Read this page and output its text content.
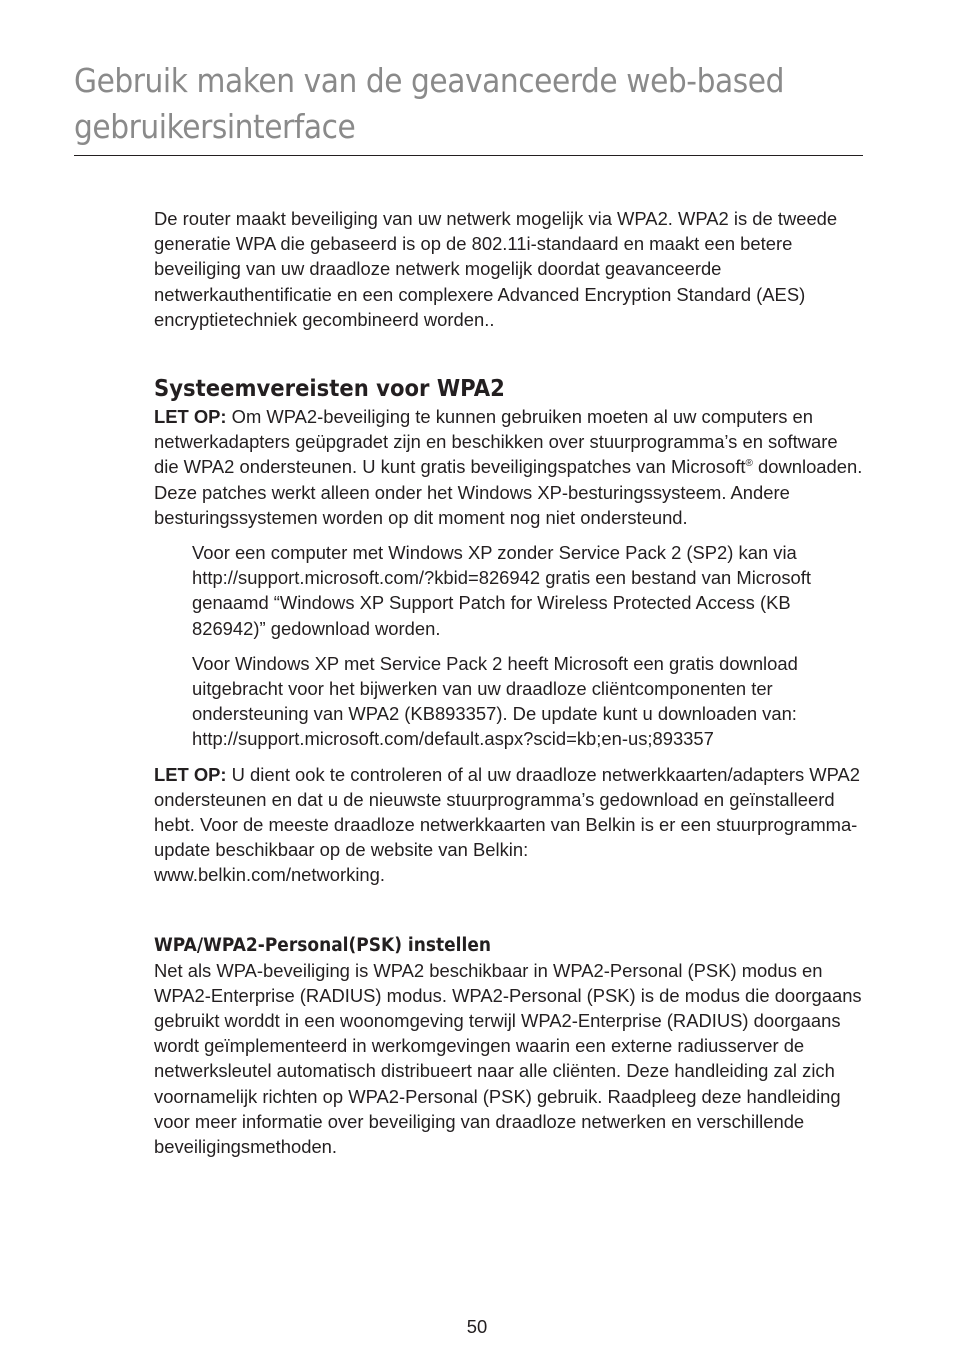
Gebruik maken van de geavanceerde web-based gebruikersinterface

De router maakt beveiliging van uw netwerk mogelijk via WPA2. WPA2 is de tweede generatie WPA die gebaseerd is op de 802.11i-standaard en maakt een betere beveiliging van uw draadloze netwerk mogelijk doordat geavanceerde netwerkauthentificatie en een complexere Advanced Encryption Standard (AES) encryptietechniek gecombineerd worden..

Systeemvereisten voor WPA2

LET OP: Om WPA2-beveiliging te kunnen gebruiken moeten al uw computers en netwerkadapters geüpgradet zijn en beschikken over stuurprogramma’s en software die WPA2 ondersteunen. U kunt gratis beveiligingspatches van Microsoft® downloaden. Deze patches werkt alleen onder het Windows XP-besturingssysteem. Andere besturingssystemen worden op dit moment nog niet ondersteund.

Voor een computer met Windows XP zonder Service Pack 2 (SP2) kan via http://support.microsoft.com/?kbid=826942 gratis een bestand van Microsoft genaamd “Windows XP Support Patch for Wireless Protected Access (KB 826942)” gedownload worden.

Voor Windows XP met Service Pack 2 heeft Microsoft een gratis download uitgebracht voor het bijwerken van uw draadloze cliëntcomponenten ter ondersteuning van WPA2 (KB893357). De update kunt u downloaden van:
http://support.microsoft.com/default.aspx?scid=kb;en-us;893357

LET OP: U dient ook te controleren of al uw draadloze netwerkkaarten/adapters WPA2 ondersteunen en dat u de nieuwste stuurprogramma’s gedownload en geïnstalleerd hebt. Voor de meeste draadloze netwerkkaarten van Belkin is er een stuurprogramma-update beschikbaar op de website van Belkin:
www.belkin.com/networking.

WPA/WPA2-Personal(PSK) instellen

Net als WPA-beveiliging is WPA2 beschikbaar in WPA2-Personal (PSK) modus en WPA2-Enterprise (RADIUS) modus. WPA2-Personal (PSK) is de modus die doorgaans gebruikt worddt in een woonomgeving terwijl WPA2-Enterprise (RADIUS) doorgaans wordt geïmplementeerd in werkomgevingen waarin een externe radiusserver de netwerksleutel automatisch distribueert naar alle cliënten. Deze handleiding zal zich voornamelijk richten op WPA2-Personal (PSK) gebruik. Raadpleeg deze handleiding voor meer informatie over beveiliging van draadloze netwerken en verschillende beveiligingsmethoden.

50
